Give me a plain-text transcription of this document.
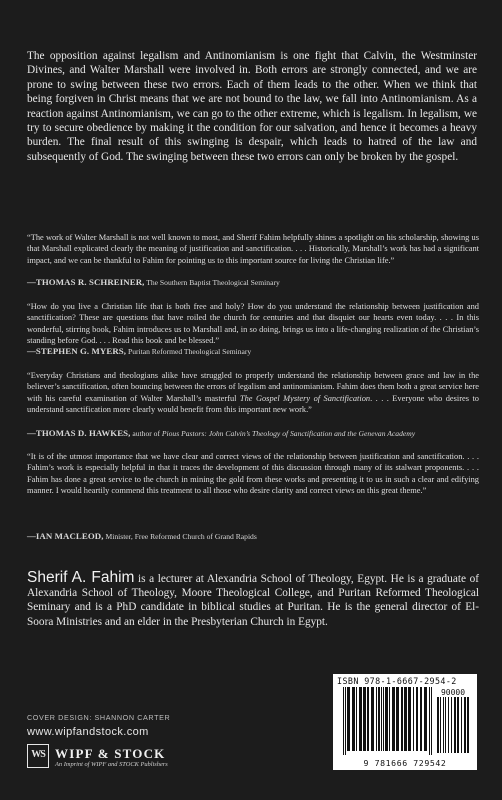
The opposition against legalism and Antinomianism is one fight that Calvin, the Westminster Divines, and Walter Marshall were involved in. Both errors are strongly connected, and we are prone to swing between these two errors. Each of them leads to the other. When we think that being forgiven in Christ means that we are not bound to the law, we fall into Antinomianism. As a reaction against Antinomianism, we can go to the other extreme, which is legalism. In legalism, we try to secure obedience by making it the condition for our salvation, and hence it becomes a heavy burden. The final result of this swinging is despair, which leads to hatred of the law and subsequently of God. The swinging between these two errors can only be broken by the gospel.

“The work of Walter Marshall is not well known to most, and Sherif Fahim helpfully shines a spotlight on his scholarship, showing us that Marshall explicated clearly the meaning of justification and sanctification. . . . Historically, Marshall’s work has had a significant impact, and we can be thankful to Fahim for pointing us to this important source for living the Christian life.”

—THOMAS R. SCHREINER, The Southern Baptist Theological Seminary

“How do you live a Christian life that is both free and holy? How do you understand the relationship between justification and sanctification? These are questions that have roiled the church for centuries and that disquiet our hearts even today. . . . In this wonderful, stirring book, Fahim introduces us to Marshall and, in so doing, brings us into a life-changing realization of the Christian’s standing before God. . . . Read this book and be blessed.”

—STEPHEN G. MYERS, Puritan Reformed Theological Seminary

“Everyday Christians and theologians alike have struggled to properly understand the relationship between grace and law in the believer’s sanctification, often bouncing between the errors of legalism and antinomianism. Fahim does them both a great service here with his careful examination of Walter Marshall’s masterful The Gospel Mystery of Sanctification. . . . Everyone who desires to understand sanctification more clearly would benefit from this important new work.”

—THOMAS D. HAWKES, author of Pious Pastors: John Calvin’s Theology of Sanctification and the Genevan Academy

“It is of the utmost importance that we have clear and correct views of the relationship between justification and sanctification. . . . Fahim’s work is especially helpful in that it traces the development of this discussion through many of its stalwart proponents. . . . Fahim has done a great service to the church in mining the gold from these works and presenting it to us in such a clear and edifying manner. I would heartily commend this treatment to all those who desire clarity and correct views on this great theme.”

—IAN MACLEOD, Minister, Free Reformed Church of Grand Rapids

Sherif A. Fahim is a lecturer at Alexandria School of Theology, Egypt. He is a graduate of Alexandria School of Theology, Moore Theological College, and Puritan Reformed Theological Seminary and is a PhD candidate in biblical studies at Puritan. He is the general director of El-Soora Ministries and an elder in the Presbyterian Church in Egypt.

ISBN 978-1-6667-2954-2
90000
9 781666 729542
COVER DESIGN: SHANNON CARTER
www.wipfandstock.com
WS WIPF & STOCK
An Imprint of WIPF and STOCK Publishers
